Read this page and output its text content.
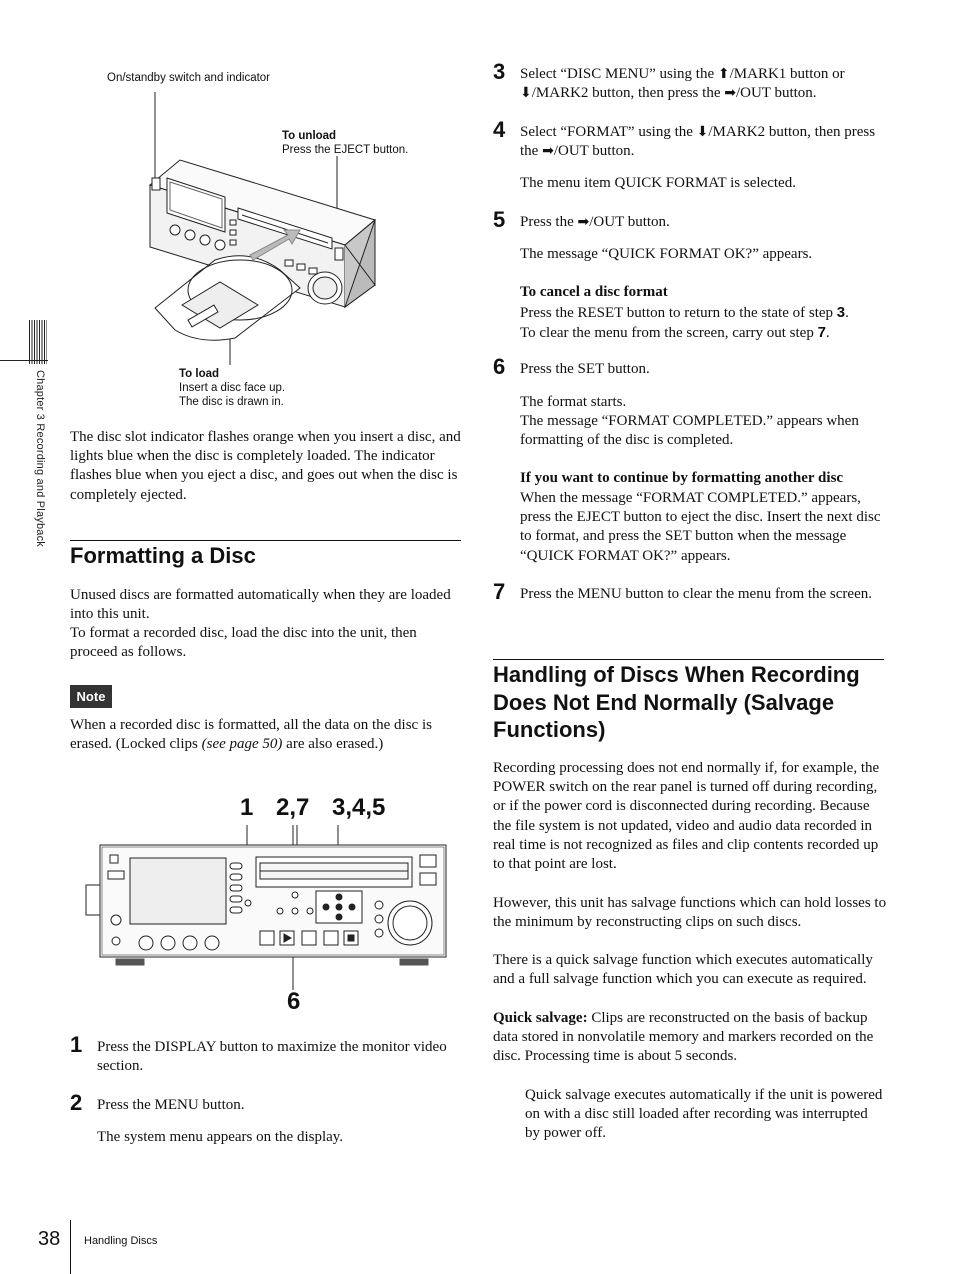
Chapter 3 Recording and Playback
On/standby switch and indicator
To unload
Press the EJECT button.
To load
Insert a disc face up.
The disc is drawn in.
The disc slot indicator flashes orange when you insert a disc, and lights blue when the disc is completely loaded. The indicator flashes blue when you eject a disc, and goes out when the disc is completely ejected.
Formatting a Disc
Unused discs are formatted automatically when they are loaded into this unit.
To format a recorded disc, load the disc into the unit, then proceed as follows.
Note
When a recorded disc is formatted, all the data on the disc is erased. (Locked clips (see page 50) are also erased.)
1 2,7 3,4,5
6
1 Press the DISPLAY button to maximize the monitor video section.
2 Press the MENU button.
The system menu appears on the display.
3 Select “DISC MENU” using the ⬆/MARK1 button or
⬇/MARK2 button, then press the ➡/OUT button.
4 Select “FORMAT” using the ⬇/MARK2 button, then press the ➡/OUT button.
The menu item QUICK FORMAT is selected.
5 Press the ➡/OUT button.
The message “QUICK FORMAT OK?” appears.
To cancel a disc format
Press the RESET button to return to the state of step 3.
To clear the menu from the screen, carry out step 7.
6 Press the SET button.
The format starts.
The message “FORMAT COMPLETED.” appears when formatting of the disc is completed.
If you want to continue by formatting another disc
When the message “FORMAT COMPLETED.” appears, press the EJECT button to eject the disc. Insert the next disc to format, and press the SET button when the message “QUICK FORMAT OK?” appears.
7 Press the MENU button to clear the menu from the screen.
Handling of Discs When Recording Does Not End Normally (Salvage Functions)
Recording processing does not end normally if, for example, the POWER switch on the rear panel is turned off during recording, or if the power cord is disconnected during recording. Because the file system is not updated, video and audio data recorded in real time is not recognized as files and clip contents recorded up to that point are lost.
However, this unit has salvage functions which can hold losses to the minimum by reconstructing clips on such discs.
There is a quick salvage function which executes automatically and a full salvage function which you can execute as required.
Quick salvage: Clips are reconstructed on the basis of backup data stored in nonvolatile memory and markers recorded on the disc. Processing time is about 5 seconds.
Quick salvage executes automatically if the unit is powered on with a disc still loaded after recording was interrupted by power off.
38 Handling Discs
